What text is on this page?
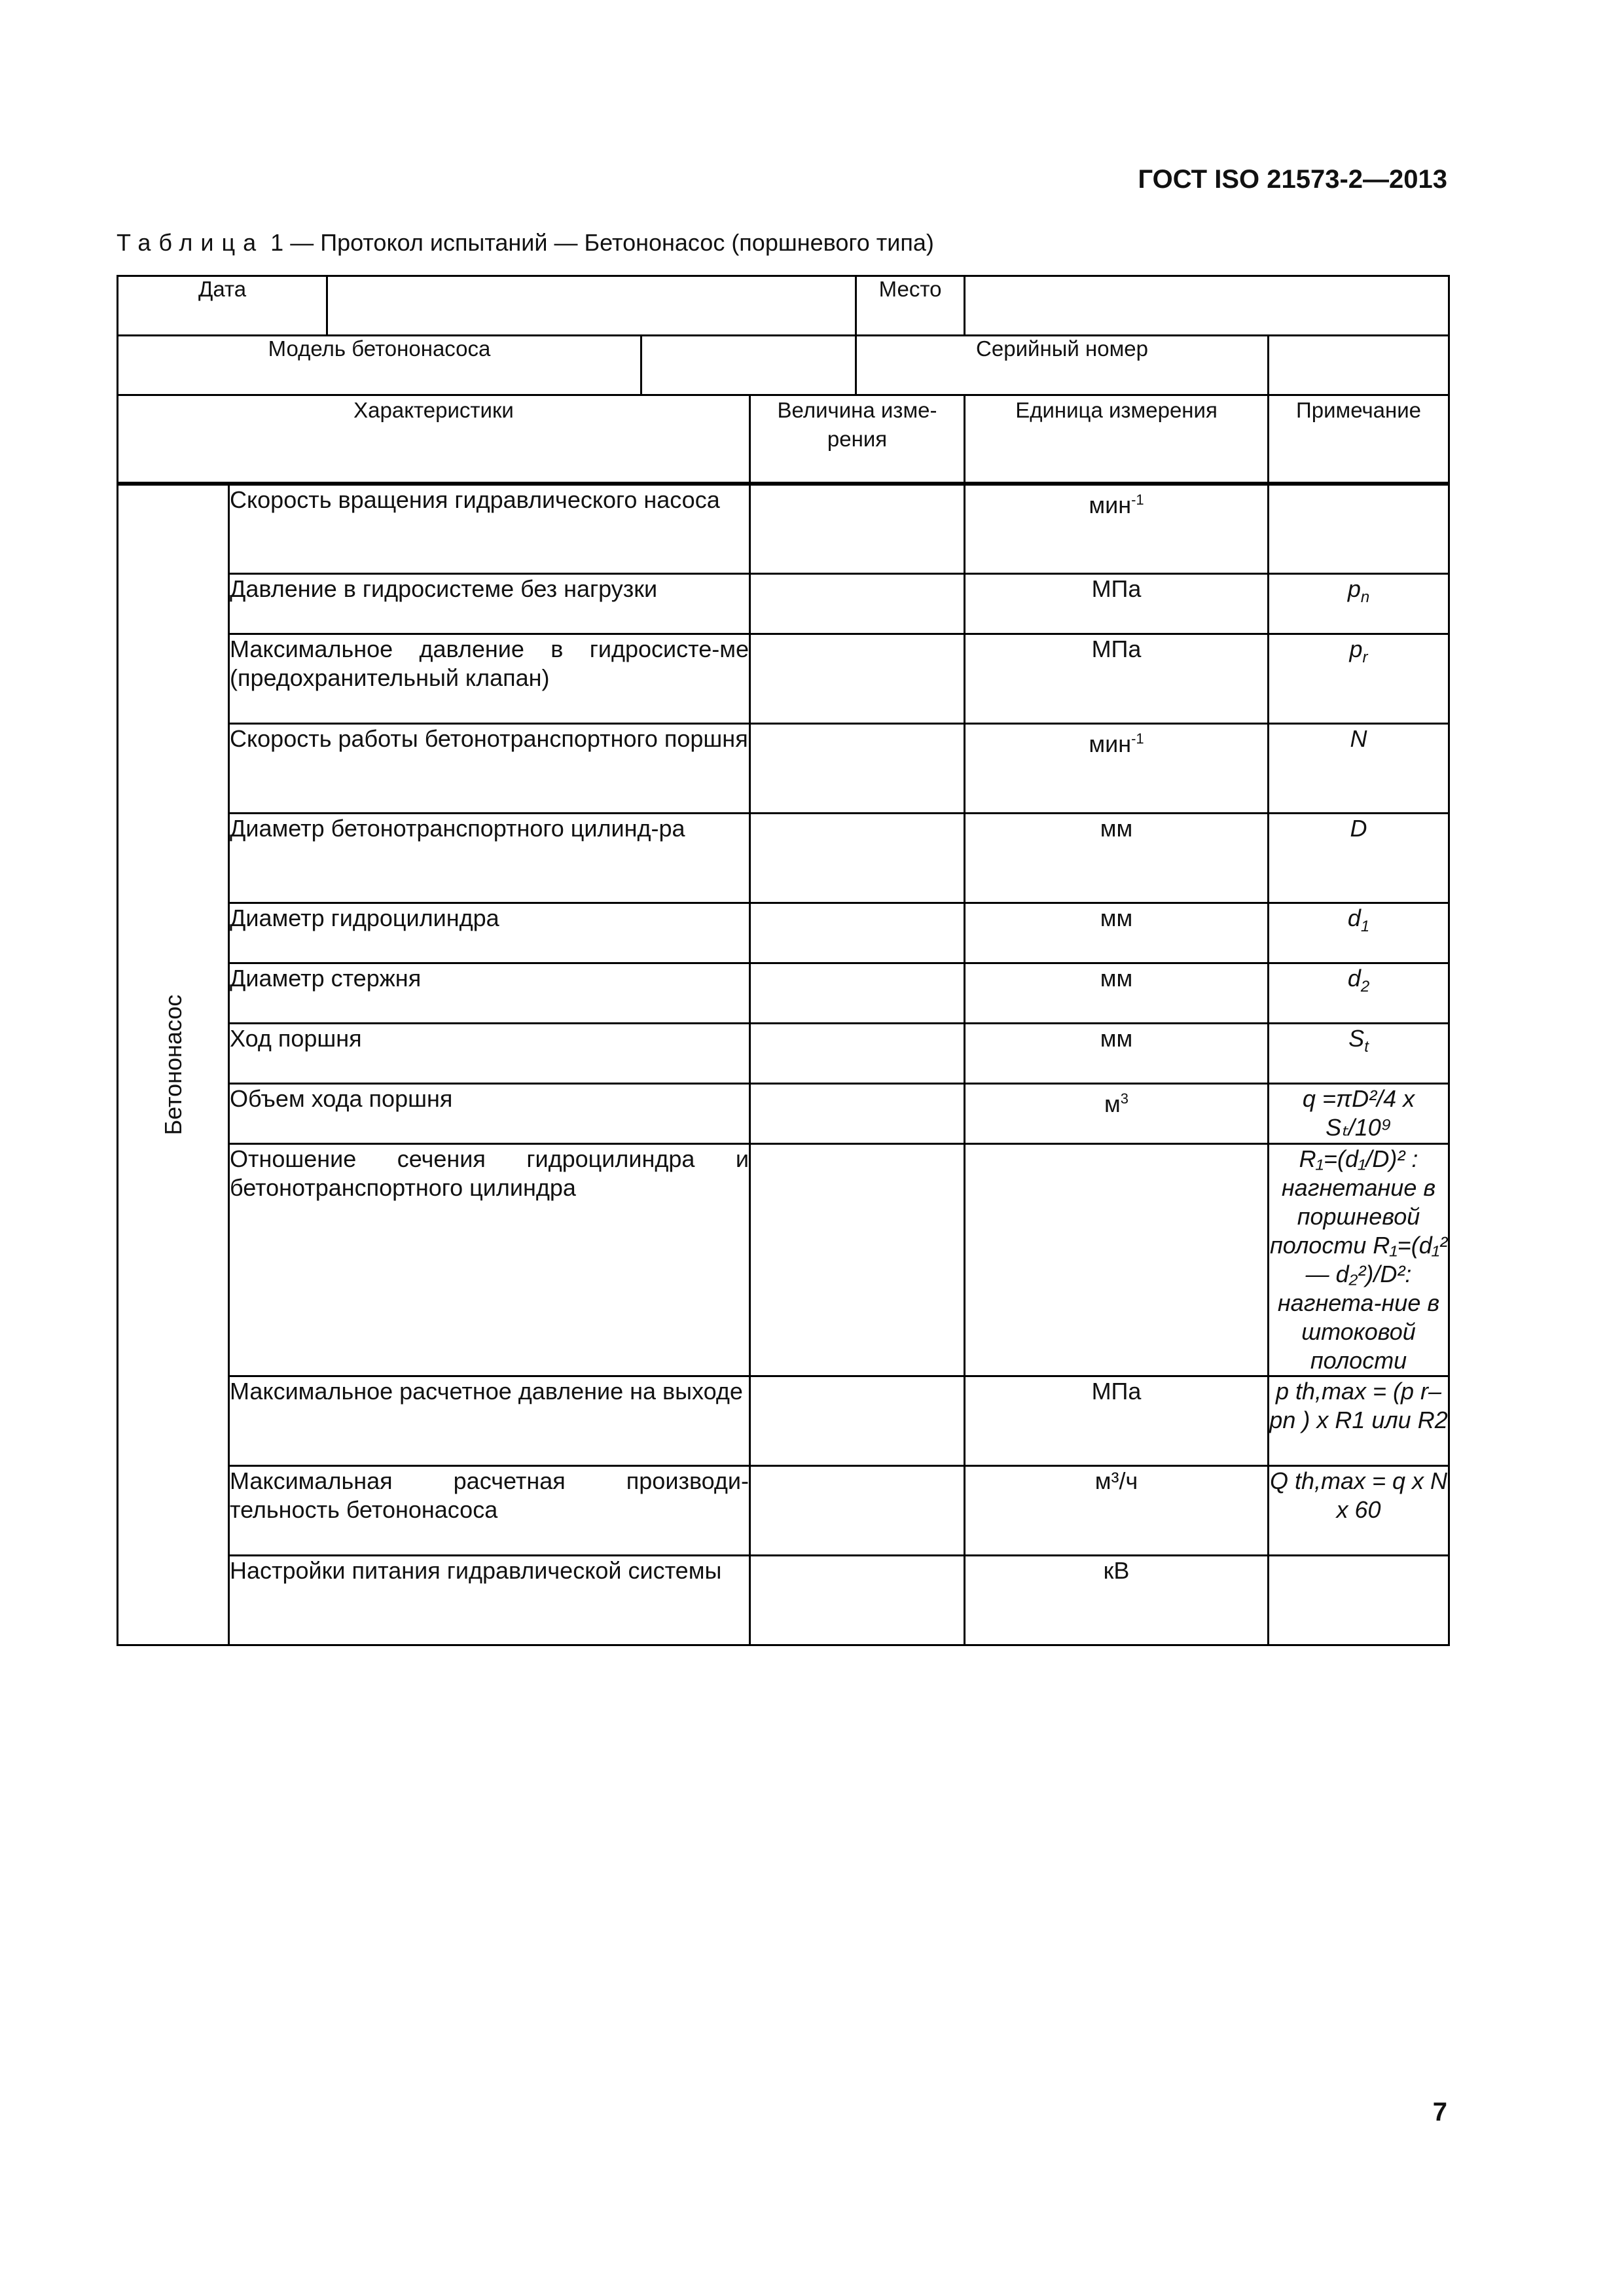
ГОСТ ISO 21573-2—2013
Таблица 1 — Протокол испытаний — Бетононасос (поршневого типа)
Дата					Место		
Модель бетононасоса					Серийный номер		
Характеристики				Величина изме-рения		Единица измерения	Примечание

Бетононасос	Скорость вращения гидравлического насоса					мин$^{-1}$	
	Давление в гидросистеме без нагрузки					МПа	$p_n$
	Максимальное давление в гидросисте-ме (предохранительный клапан)					МПа	$p_r$
	Скорость работы бетонотранспортного поршня					мин$^{-1}$	N
	Диаметр бетонотранспортного цилинд-ра					мм	D
	Диаметр гидроцилиндра					мм	$d_1$
	Диаметр стержня					мм	$d_2$
	Ход поршня					мм	$S_t$
	Объем хода поршня					$м^3$	q =πD²/4 x Sₜ/10⁹
	Отношение сечения гидроцилиндра и бетонотранспортного цилиндра						R₁=(d₁/D)² : нагнетание в поршневой полости R₁=(d₁² — d₂²)/D²: нагнета-ние в штоковой полости
	Максимальное расчетное давление на выходе					МПа	p th,max = (p r– pn ) x R1 или R2
	Максимальная расчетная производи-тельность бетононасоса					м³/ч	Q th,max = q x N x 60
	Настройки питания гидравлической системы					кВ	
7
